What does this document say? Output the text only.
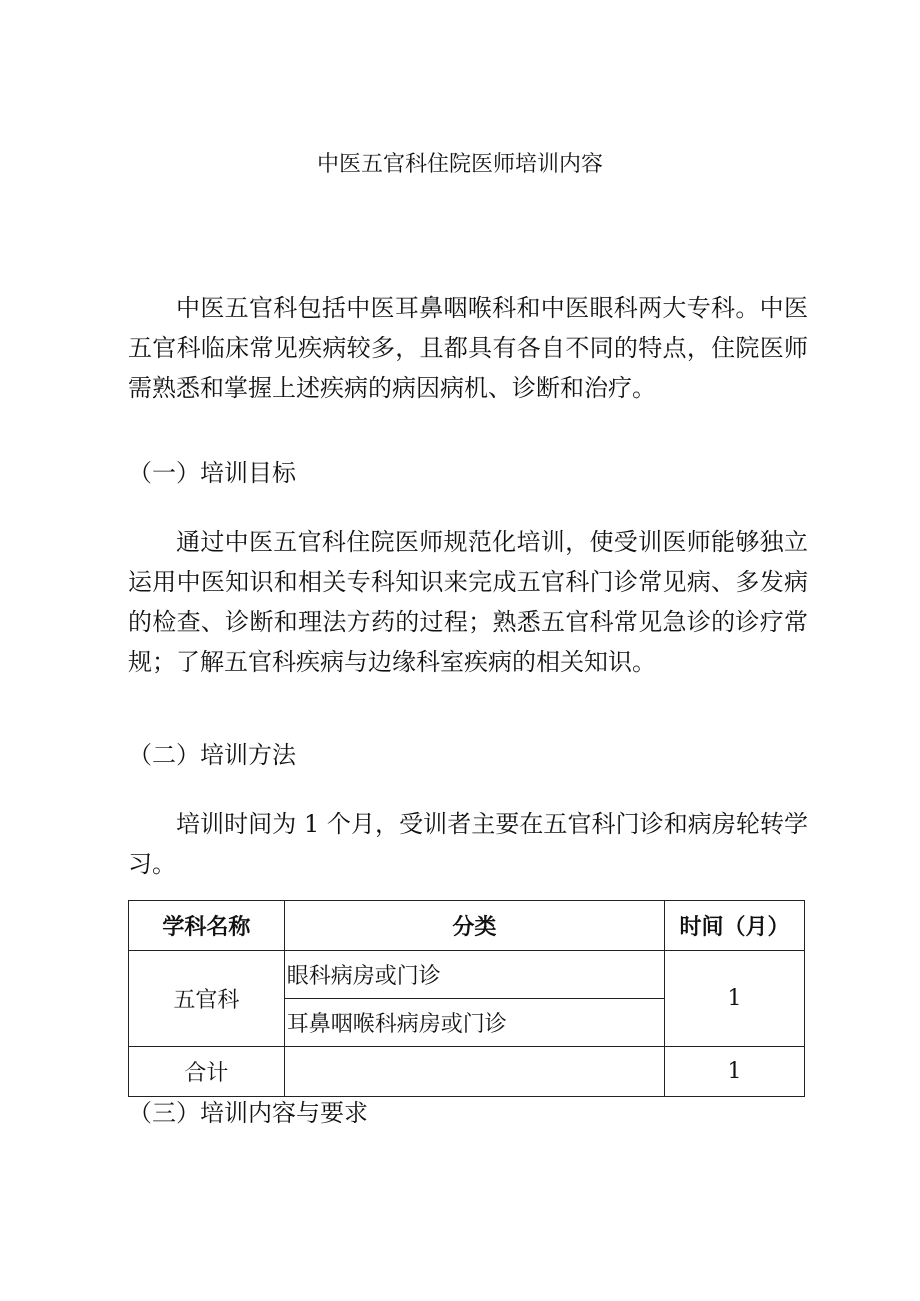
中医五官科住院医师培训内容

中医五官科包括中医耳鼻咽喉科和中医眼科两大专科。中医五官科临床常见疾病较多，且都具有各自不同的特点，住院医师需熟悉和掌握上述疾病的病因病机、诊断和治疗。

（一）培训目标

通过中医五官科住院医师规范化培训，使受训医师能够独立运用中医知识和相关专科知识来完成五官科门诊常见病、多发病的检查、诊断和理法方药的过程；熟悉五官科常见急诊的诊疗常规；了解五官科疾病与边缘科室疾病的相关知识。

（二）培训方法

培训时间为 1 个月，受训者主要在五官科门诊和病房轮转学习。

学科名称	分类	时间（月）
五官科	眼科病房或门诊	1
	耳鼻咽喉科病房或门诊	
合计		1

（三）培训内容与要求
